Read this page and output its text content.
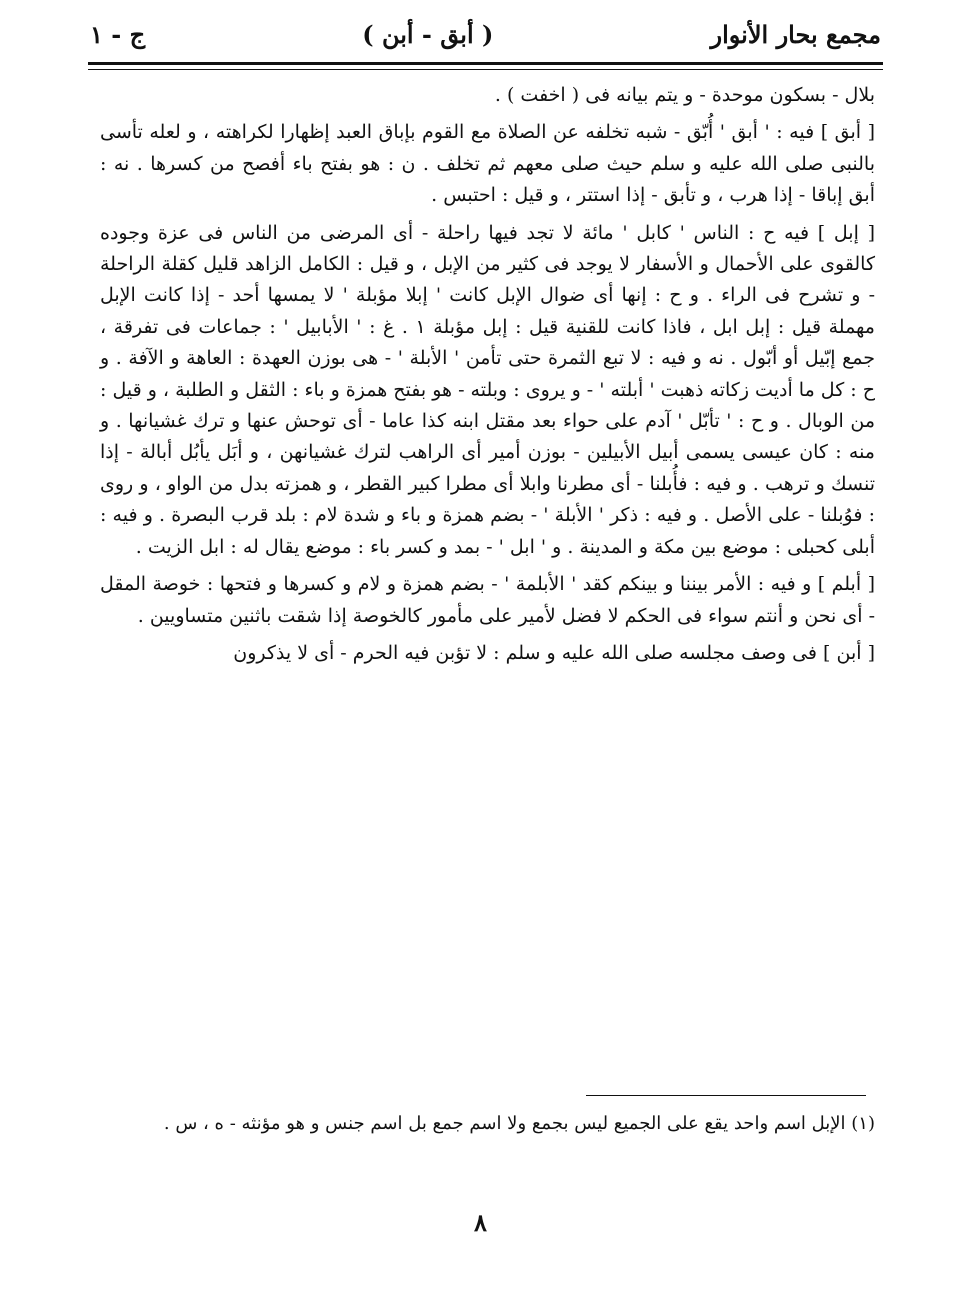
مجمع بحار الأنوار
( أبق - أبن )
ج - ١

بلال - بسكون موحدة - و يتم بيانه فى ( اخفت ) .

[ أبق ] فيه : ' أبق ' أُبّق - شبه تخلفه عن الصلاة مع القوم بإباق العبد إظهارا لكراهته ، و لعله تأسى بالنبى صلى الله عليه و سلم حيث صلى معهم ثم تخلف . ن : هو بفتح باء أفصح من كسرها . نه : أبق إباقا - إذا هرب ، و تأبق - إذا استتر ، و قيل : احتبس .

[ إبل ] فيه ح : الناس ' كابل ' مائة لا تجد فيها راحلة - أى المرضى من الناس فى عزة وجوده كالقوى على الأحمال و الأسفار لا يوجد فى كثير من الإبل ، و قيل : الكامل الزاهد قليل كقلة الراحلة - و تشرح فى الراء . و ح : إنها أى ضوال الإبل كانت ' إبلا مؤبلة ' لا يمسها أحد - إذا كانت الإبل مهملة قيل : إبل ابل ، فاذا كانت للقنية قيل : إبل مؤبلة ١ . غ : ' الأبابيل ' : جماعات فى تفرقة ، جمع إبّيل أو أبّول . نه و فيه : لا تبع الثمرة حتى تأمن ' الأبلة ' - هى بوزن العهدة : العاهة و الآفة . و ح : كل ما أديت زكاته ذهبت ' أبلته ' - و يروى : وبلته - هو بفتح همزة و باء : الثقل و الطلبة ، و قيل : من الوبال . و ح : ' تأبّل ' آدم على حواء بعد مقتل ابنه كذا عاما - أى توحش عنها و ترك غشيانها . و منه : كان عيسى يسمى أبيل الأبيلين - بوزن أمير أى الراهب لترك غشيانهن ، و أبَل يأبُل أبالة - إذا تنسك و ترهب . و فيه : فأُبلنا - أى مطرنا وابلا أى مطرا كبير القطر ، و همزته بدل من الواو ، و روى : فوُبلنا - على الأصل . و فيه : ذكر ' الأبلة ' - بضم همزة و باء و شدة لام : بلد قرب البصرة . و فيه : أبلى كحبلى : موضع بين مكة و المدينة . و ' ابل ' - بمد و كسر باء : موضع يقال له : ابل الزيت .

[ أبلم ] و فيه : الأمر بيننا و بينكم كقد ' الأبلمة ' - بضم همزة و لام و كسرها و فتحها : خوصة المقل - أى نحن و أنتم سواء فى الحكم لا فضل لأمير على مأمور كالخوصة إذا شقت باثنين متساويين .

[ أبن ] فى وصف مجلسه صلى الله عليه و سلم : لا تؤبن فيه الحرم - أى لا يذكرون

(١) الإبل اسم واحد يقع على الجميع ليس بجمع ولا اسم جمع بل اسم جنس و هو مؤنثه - ه ، س .

٨
